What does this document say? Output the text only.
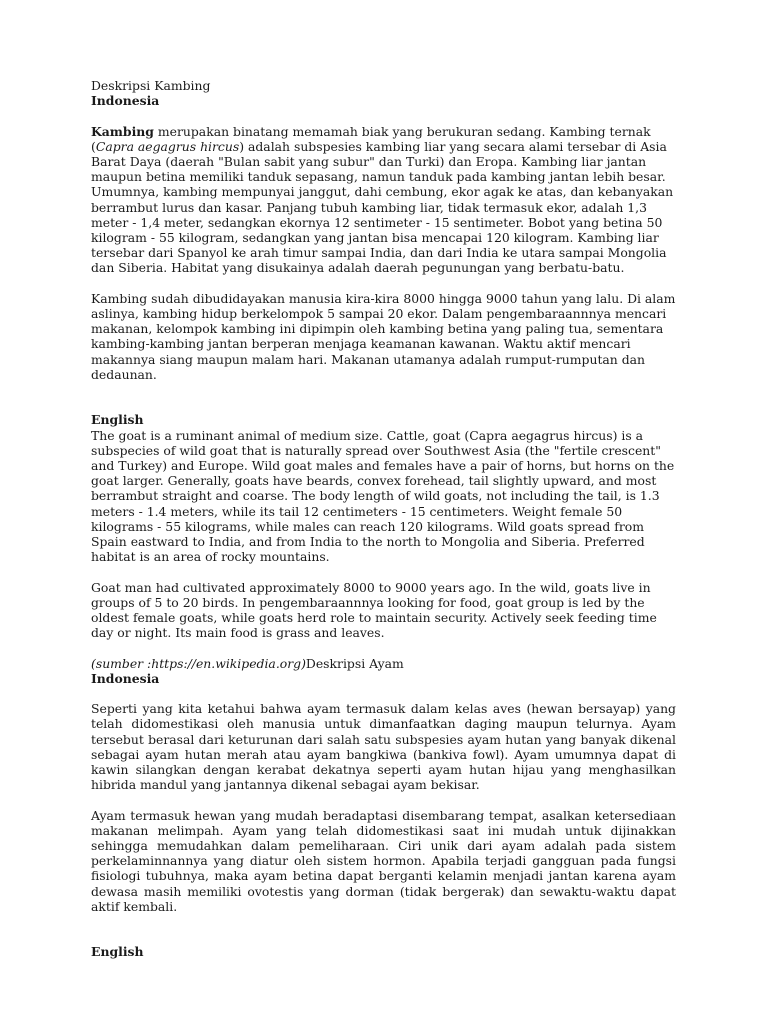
Deskripsi Kambing

Indonesia

Kambing merupakan binatang memamah biak yang berukuran sedang. Kambing ternak (Capra aegagrus hircus) adalah subspesies kambing liar yang secara alami tersebar di Asia Barat Daya (daerah "Bulan sabit yang subur" dan Turki) dan Eropa. Kambing liar jantan maupun betina memiliki tanduk sepasang, namun tanduk pada kambing jantan lebih besar. Umumnya, kambing mempunyai janggut, dahi cembung, ekor agak ke atas, dan kebanyakan berrambut lurus dan kasar. Panjang tubuh kambing liar, tidak termasuk ekor, adalah 1,3 meter - 1,4 meter, sedangkan ekornya 12 sentimeter - 15 sentimeter. Bobot yang betina 50 kilogram - 55 kilogram, sedangkan yang jantan bisa mencapai 120 kilogram. Kambing liar tersebar dari Spanyol ke arah timur sampai India, dan dari India ke utara sampai Mongolia dan Siberia. Habitat yang disukainya adalah daerah pegunungan yang berbatu-batu.

Kambing sudah dibudidayakan manusia kira-kira 8000 hingga 9000 tahun yang lalu. Di alam aslinya, kambing hidup berkelompok 5 sampai 20 ekor. Dalam pengembaraannnya mencari makanan, kelompok kambing ini dipimpin oleh kambing betina yang paling tua, sementara kambing-kambing jantan berperan menjaga keamanan kawanan. Waktu aktif mencari makannya siang maupun malam hari. Makanan utamanya adalah rumput-rumputan dan dedaunan.

English

The goat is a ruminant animal of medium size. Cattle, goat (Capra aegagrus hircus) is a subspecies of wild goat that is naturally spread over Southwest Asia (the "fertile crescent" and Turkey) and Europe. Wild goat males and females have a pair of horns, but horns on the goat larger. Generally, goats have beards, convex forehead, tail slightly upward, and most berrambut straight and coarse. The body length of wild goats, not including the tail, is 1.3 meters - 1.4 meters, while its tail 12 centimeters - 15 centimeters. Weight female 50 kilograms - 55 kilograms, while males can reach 120 kilograms. Wild goats spread from Spain eastward to India, and from India to the north to Mongolia and Siberia. Preferred habitat is an area of rocky mountains.

Goat man had cultivated approximately 8000 to 9000 years ago. In the wild, goats live in groups of 5 to 20 birds. In pengembaraannnya looking for food, goat group is led by the oldest female goats, while goats herd role to maintain security. Actively seek feeding time day or night. Its main food is grass and leaves.

(sumber :https://en.wikipedia.org)Deskripsi Ayam

Indonesia

Seperti yang kita ketahui bahwa ayam termasuk dalam kelas aves (hewan bersayap) yang telah didomestikasi oleh manusia untuk dimanfaatkan daging maupun telurnya. Ayam tersebut berasal dari keturunan dari salah satu subspesies ayam hutan yang banyak dikenal sebagai ayam hutan merah atau ayam bangkiwa (bankiva fowl). Ayam umumnya dapat di kawin silangkan dengan kerabat dekatnya seperti ayam hutan hijau yang menghasilkan hibrida mandul yang jantannya dikenal sebagai ayam bekisar.

Ayam termasuk hewan yang mudah beradaptasi disembarang tempat, asalkan ketersediaan makanan melimpah. Ayam yang telah didomestikasi saat ini mudah untuk dijinakkan sehingga memudahkan dalam pemeliharaan. Ciri unik dari ayam adalah pada sistem perkelaminnannya yang diatur oleh sistem hormon. Apabila terjadi gangguan pada fungsi fisiologi tubuhnya, maka ayam betina dapat berganti kelamin menjadi jantan karena ayam dewasa masih memiliki ovotestis yang dorman (tidak bergerak) dan sewaktu-waktu dapat aktif kembali.

English
